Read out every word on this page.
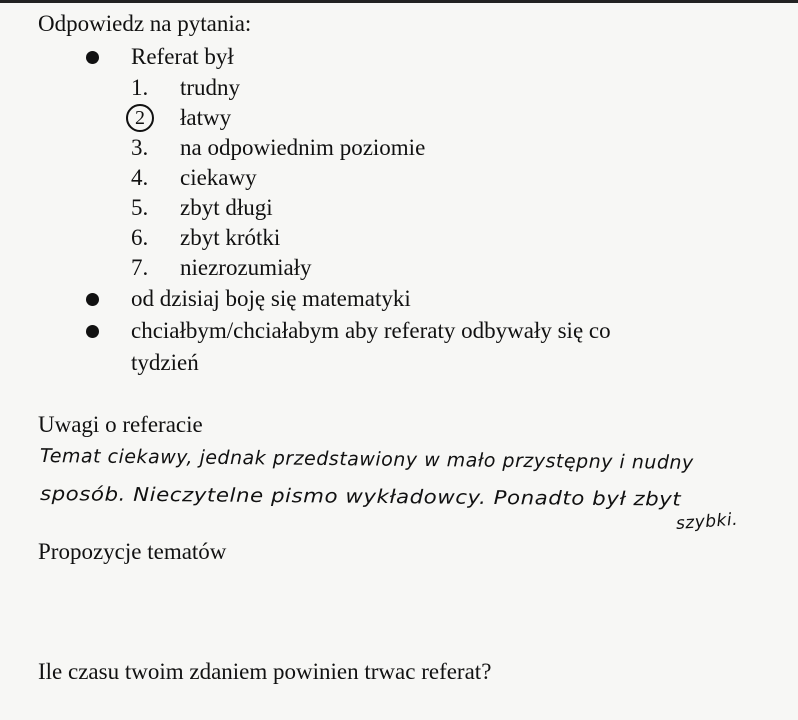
Odpowiedz na pytania:
Referat był
1. trudny
2	łatwy
3. na odpowiednim poziomie
4. ciekawy
5. zbyt długi
6. zbyt krótki
7. niezrozumiały
od dzisiaj boję się matematyki
chciałbym/chciałabym aby referaty odbywały się co
tydzień
Uwagi o referacie
Temat ciekawy, jednak przedstawiony w mało przystępny i nudny
sposób. Nieczytelne pismo wykładowcy. Ponadto był zbyt
szybki.
Propozycje tematów
Ile czasu twoim zdaniem powinien trwac referat?
